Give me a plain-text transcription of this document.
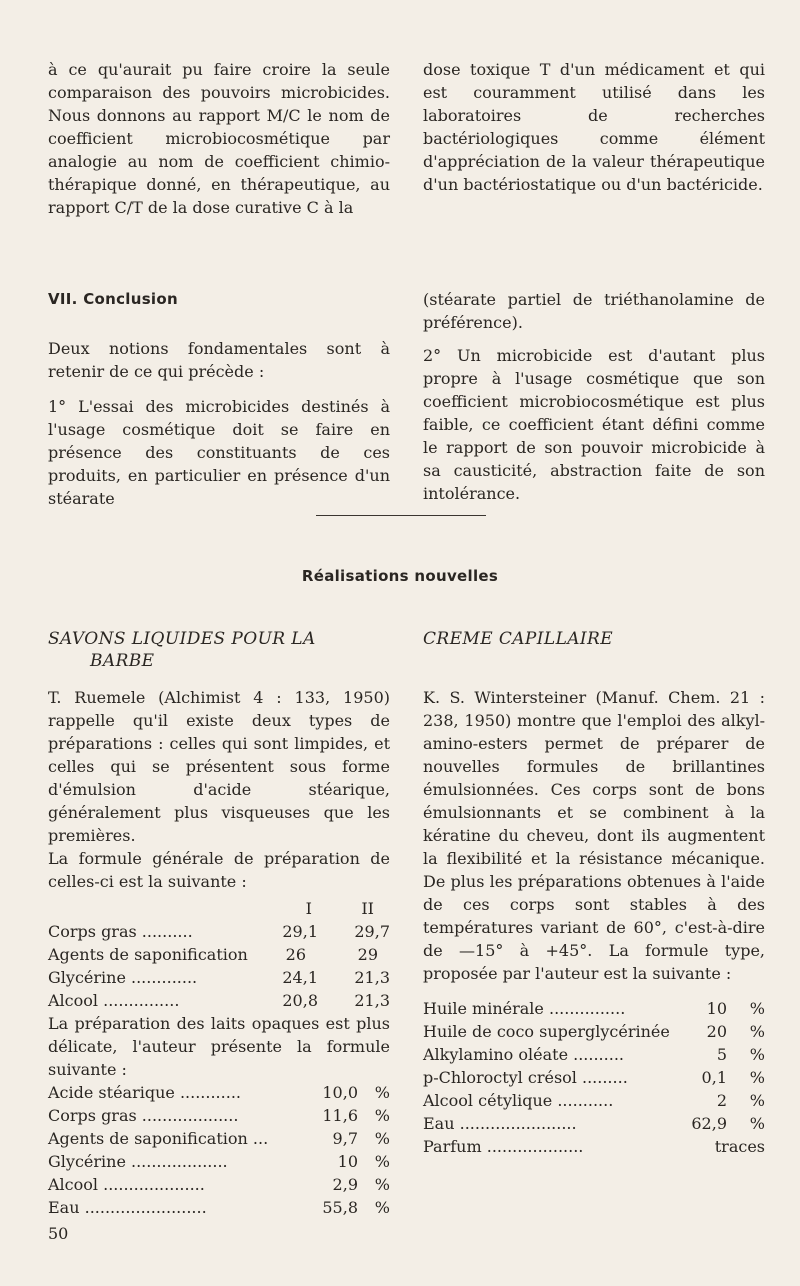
à ce qu'aurait pu faire croire la seule comparaison des pouvoirs microbicides. Nous donnons au rapport M/C le nom de coefficient microbiocosmétique par analogie au nom de coefficient chimio-thérapique donné, en thérapeutique, au rapport C/T de la dose curative C à la

dose toxique T d'un médicament et qui est couramment utilisé dans les laboratoires de recherches bactériologiques comme élément d'appréciation de la valeur thérapeutique d'un bactériostatique ou d'un bactéricide.

VII. Conclusion

Deux notions fondamentales sont à retenir de ce qui précède :

1° L'essai des microbicides destinés à l'usage cosmétique doit se faire en présence des constituants de ces produits, en particulier en présence d'un stéarate

(stéarate partiel de triéthanolamine de préférence).

2° Un microbicide est d'autant plus propre à l'usage cosmétique que son coefficient microbiocosmétique est plus faible, ce coefficient étant défini comme le rapport de son pouvoir microbicide à sa causticité, abstraction faite de son intolérance.

Réalisations nouvelles
SAVONS LIQUIDES POUR LA
BARBE

T. Ruemele (Alchimist 4 : 133, 1950) rappelle qu'il existe deux types de préparations : celles qui sont limpides, et celles qui se présentent sous forme d'émulsion d'acide stéarique, généralement plus visqueuses que les premières.

La formule générale de préparation de celles-ci est la suivante :

	I	II
Corps gras ..........	29,1	29,7
Agents de saponification	26	29
Glycérine .............	24,1	21,3
Alcool ...............	20,8	21,3

La préparation des laits opaques est plus délicate, l'auteur présente la formule suivante :

Acide stéarique ............	10,0	%
Corps gras ...................	11,6	%
Agents de saponification ...	9,7	%
Glycérine ...................	10	%
Alcool ....................	2,9	%
Eau ........................	55,8	%
CREME CAPILLAIRE

K. S. Wintersteiner (Manuf. Chem. 21 : 238, 1950) montre que l'emploi des alkyl-amino-esters permet de préparer de nouvelles formules de brillantines émulsionnées. Ces corps sont de bons émulsionnants et se combinent à la kératine du cheveu, dont ils augmentent la flexibilité et la résistance mécanique. De plus les préparations obtenues à l'aide de ces corps sont stables à des températures variant de 60°, c'est-à-dire de —15° à +45°. La formule type, proposée par l'auteur est la suivante :

Huile minérale ...............	10	%
Huile de coco superglycérinée	20	%
Alkylamino oléate ..........	5	%
p-Chloroctyl crésol .........	0,1	%
Alcool cétylique ...........	2	%
Eau .......................	62,9	%
Parfum ...................	traces	
50
